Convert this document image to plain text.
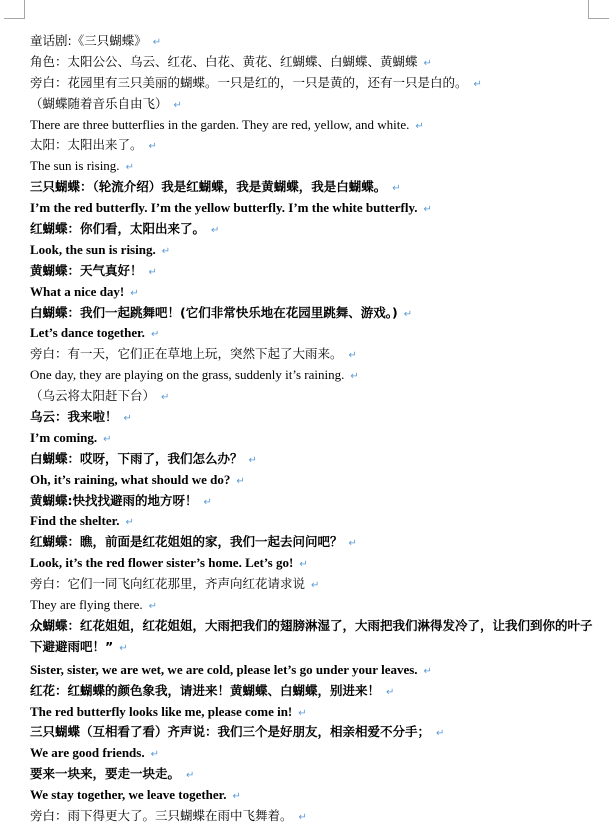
童话剧:《三只蝴蝶》 ↵
角色：太阳公公、乌云、红花、白花、黄花、红蝴蝶、白蝴蝶、黄蝴蝶 ↵
旁白：花园里有三只美丽的蝴蝶。一只是红的，一只是黄的，还有一只是白的。 ↵
（蝴蝶随着音乐自由飞） ↵
There are three butterflies in the garden. They are red, yellow, and white. ↵
太阳：太阳出来了。 ↵
The sun is rising. ↵
三只蝴蝶：（轮流介绍）我是红蝴蝶，我是黄蝴蝶，我是白蝴蝶。 ↵
I’m the red butterfly. I’m the yellow butterfly. I’m the white butterfly. ↵
红蝴蝶：你们看，太阳出来了。 ↵
Look, the sun is rising. ↵
黄蝴蝶：天气真好！ ↵
What a nice day! ↵
白蝴蝶：我们一起跳舞吧！(它们非常快乐地在花园里跳舞、游戏。) ↵
Let’s dance together. ↵
旁白：有一天，它们正在草地上玩，突然下起了大雨来。 ↵
One day, they are playing on the grass, suddenly it’s raining. ↵
（乌云将太阳赶下台） ↵
乌云：我来啦！ ↵
I’m coming. ↵
白蝴蝶：哎呀，下雨了，我们怎么办？ ↵
Oh, it’s raining, what should we do? ↵
黄蝴蝶:快找找避雨的地方呀！ ↵
Find the shelter. ↵
红蝴蝶：瞧，前面是红花姐姐的家，我们一起去问问吧？ ↵
Look, it’s the red flower sister’s home. Let’s go! ↵
旁白：它们一同飞向红花那里，齐声向红花请求说 ↵
They are flying there. ↵
众蝴蝶：红花姐姐，红花姐姐，大雨把我们的翅膀淋湿了，大雨把我们淋得发冷了，让我们到你的叶子下避避雨吧！” ↵
Sister, sister, we are wet, we are cold, please let’s go under your leaves. ↵
红花：红蝴蝶的颜色象我，请进来！黄蝴蝶、白蝴蝶，别进来！ ↵
The red butterfly looks like me, please come in! ↵
三只蝴蝶（互相看了看）齐声说：我们三个是好朋友，相亲相爱不分手； ↵
We are good friends. ↵
要来一块来，要走一块走。 ↵
We stay together, we leave together. ↵
旁白：雨下得更大了。三只蝴蝶在雨中飞舞着。 ↵
